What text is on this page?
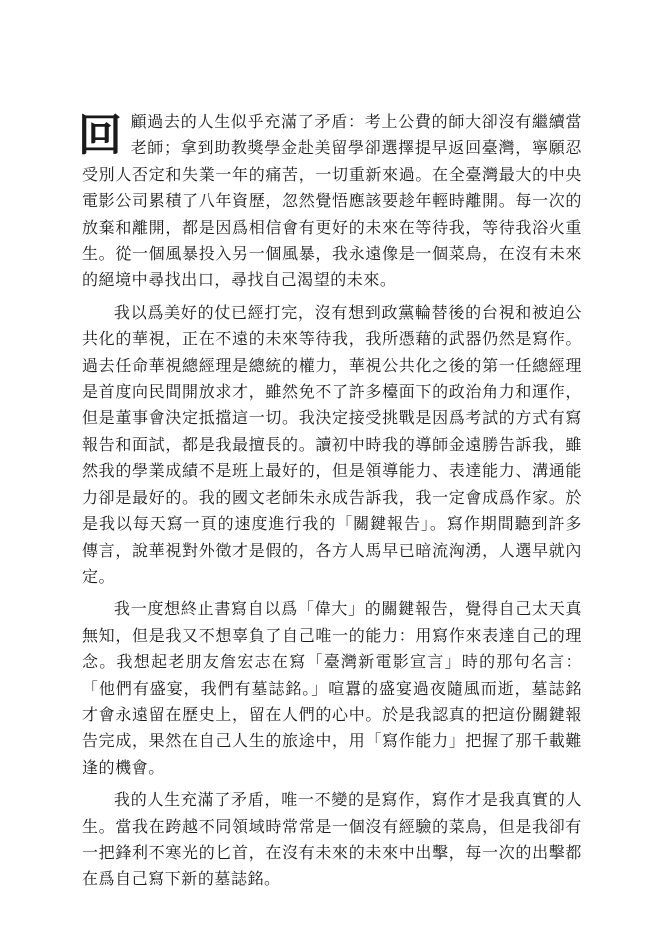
回顧過去的人生似乎充滿了矛盾：考上公費的師大卻沒有繼續當老師；拿到助教獎學金赴美留學卻選擇提早返回臺灣，寧願忍受別人否定和失業一年的痛苦，一切重新來過。在全臺灣最大的中央電影公司累積了八年資歷，忽然覺悟應該要趁年輕時離開。每一次的放棄和離開，都是因爲相信會有更好的未來在等待我，等待我浴火重生。從一個風暴投入另一個風暴，我永遠像是一個菜鳥，在沒有未來的絕境中尋找出口，尋找自己渴望的未來。

我以爲美好的仗已經打完，沒有想到政黨輪替後的台視和被迫公共化的華視，正在不遠的未來等待我，我所憑藉的武器仍然是寫作。過去任命華視總經理是總統的權力，華視公共化之後的第一任總經理是首度向民間開放求才，雖然免不了許多檯面下的政治角力和運作，但是董事會決定抵擋這一切。我決定接受挑戰是因爲考試的方式有寫報告和面試，都是我最擅長的。讀初中時我的導師金遠勝告訴我，雖然我的學業成績不是班上最好的，但是領導能力、表達能力、溝通能力卻是最好的。我的國文老師朱永成告訴我，我一定會成爲作家。於是我以每天寫一頁的速度進行我的「關鍵報告」。寫作期間聽到許多傳言，說華視對外徵才是假的，各方人馬早已暗流洶湧，人選早就內定。

我一度想終止書寫自以爲「偉大」的關鍵報告，覺得自己太天真無知，但是我又不想辜負了自己唯一的能力：用寫作來表達自己的理念。我想起老朋友詹宏志在寫「臺灣新電影宣言」時的那句名言：「他們有盛宴，我們有墓誌銘。」喧囂的盛宴過夜隨風而逝，墓誌銘才會永遠留在歷史上，留在人們的心中。於是我認真的把這份關鍵報告完成，果然在自己人生的旅途中，用「寫作能力」把握了那千載難逢的機會。

我的人生充滿了矛盾，唯一不變的是寫作，寫作才是我真實的人生。當我在跨越不同領域時常常是一個沒有經驗的菜鳥，但是我卻有一把鋒利不寒光的匕首，在沒有未來的未來中出擊，每一次的出擊都在爲自己寫下新的墓誌銘。
